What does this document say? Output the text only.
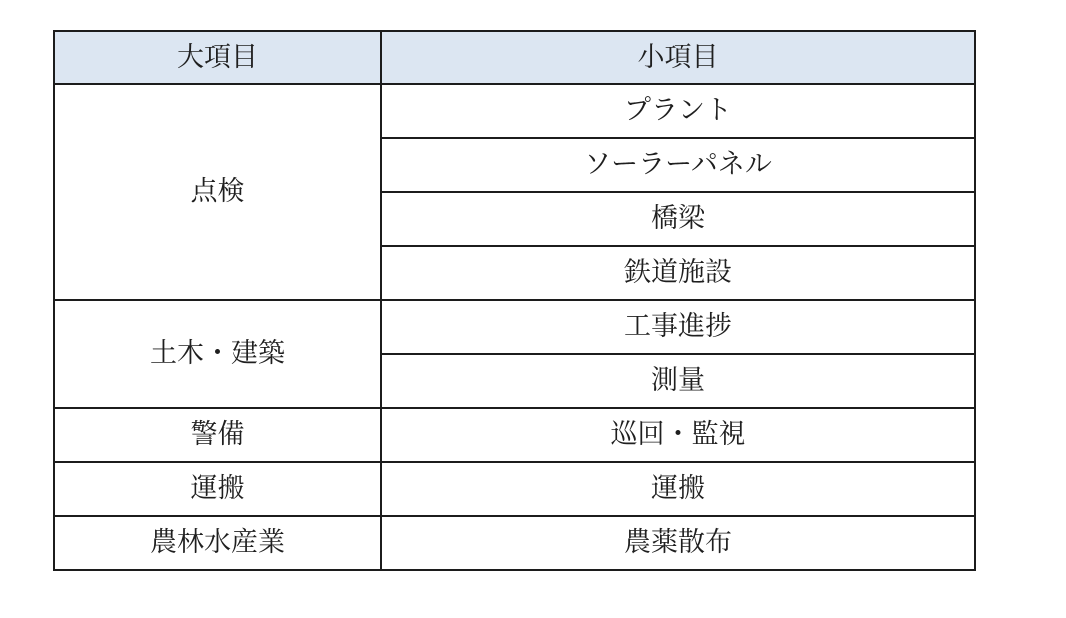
大項目	小項目
点検	プラント
	ソーラーパネル
	橋梁
	鉄道施設
土木・建築	工事進捗
	測量
警備	巡回・監視
運搬	運搬
農林水産業	農薬散布
